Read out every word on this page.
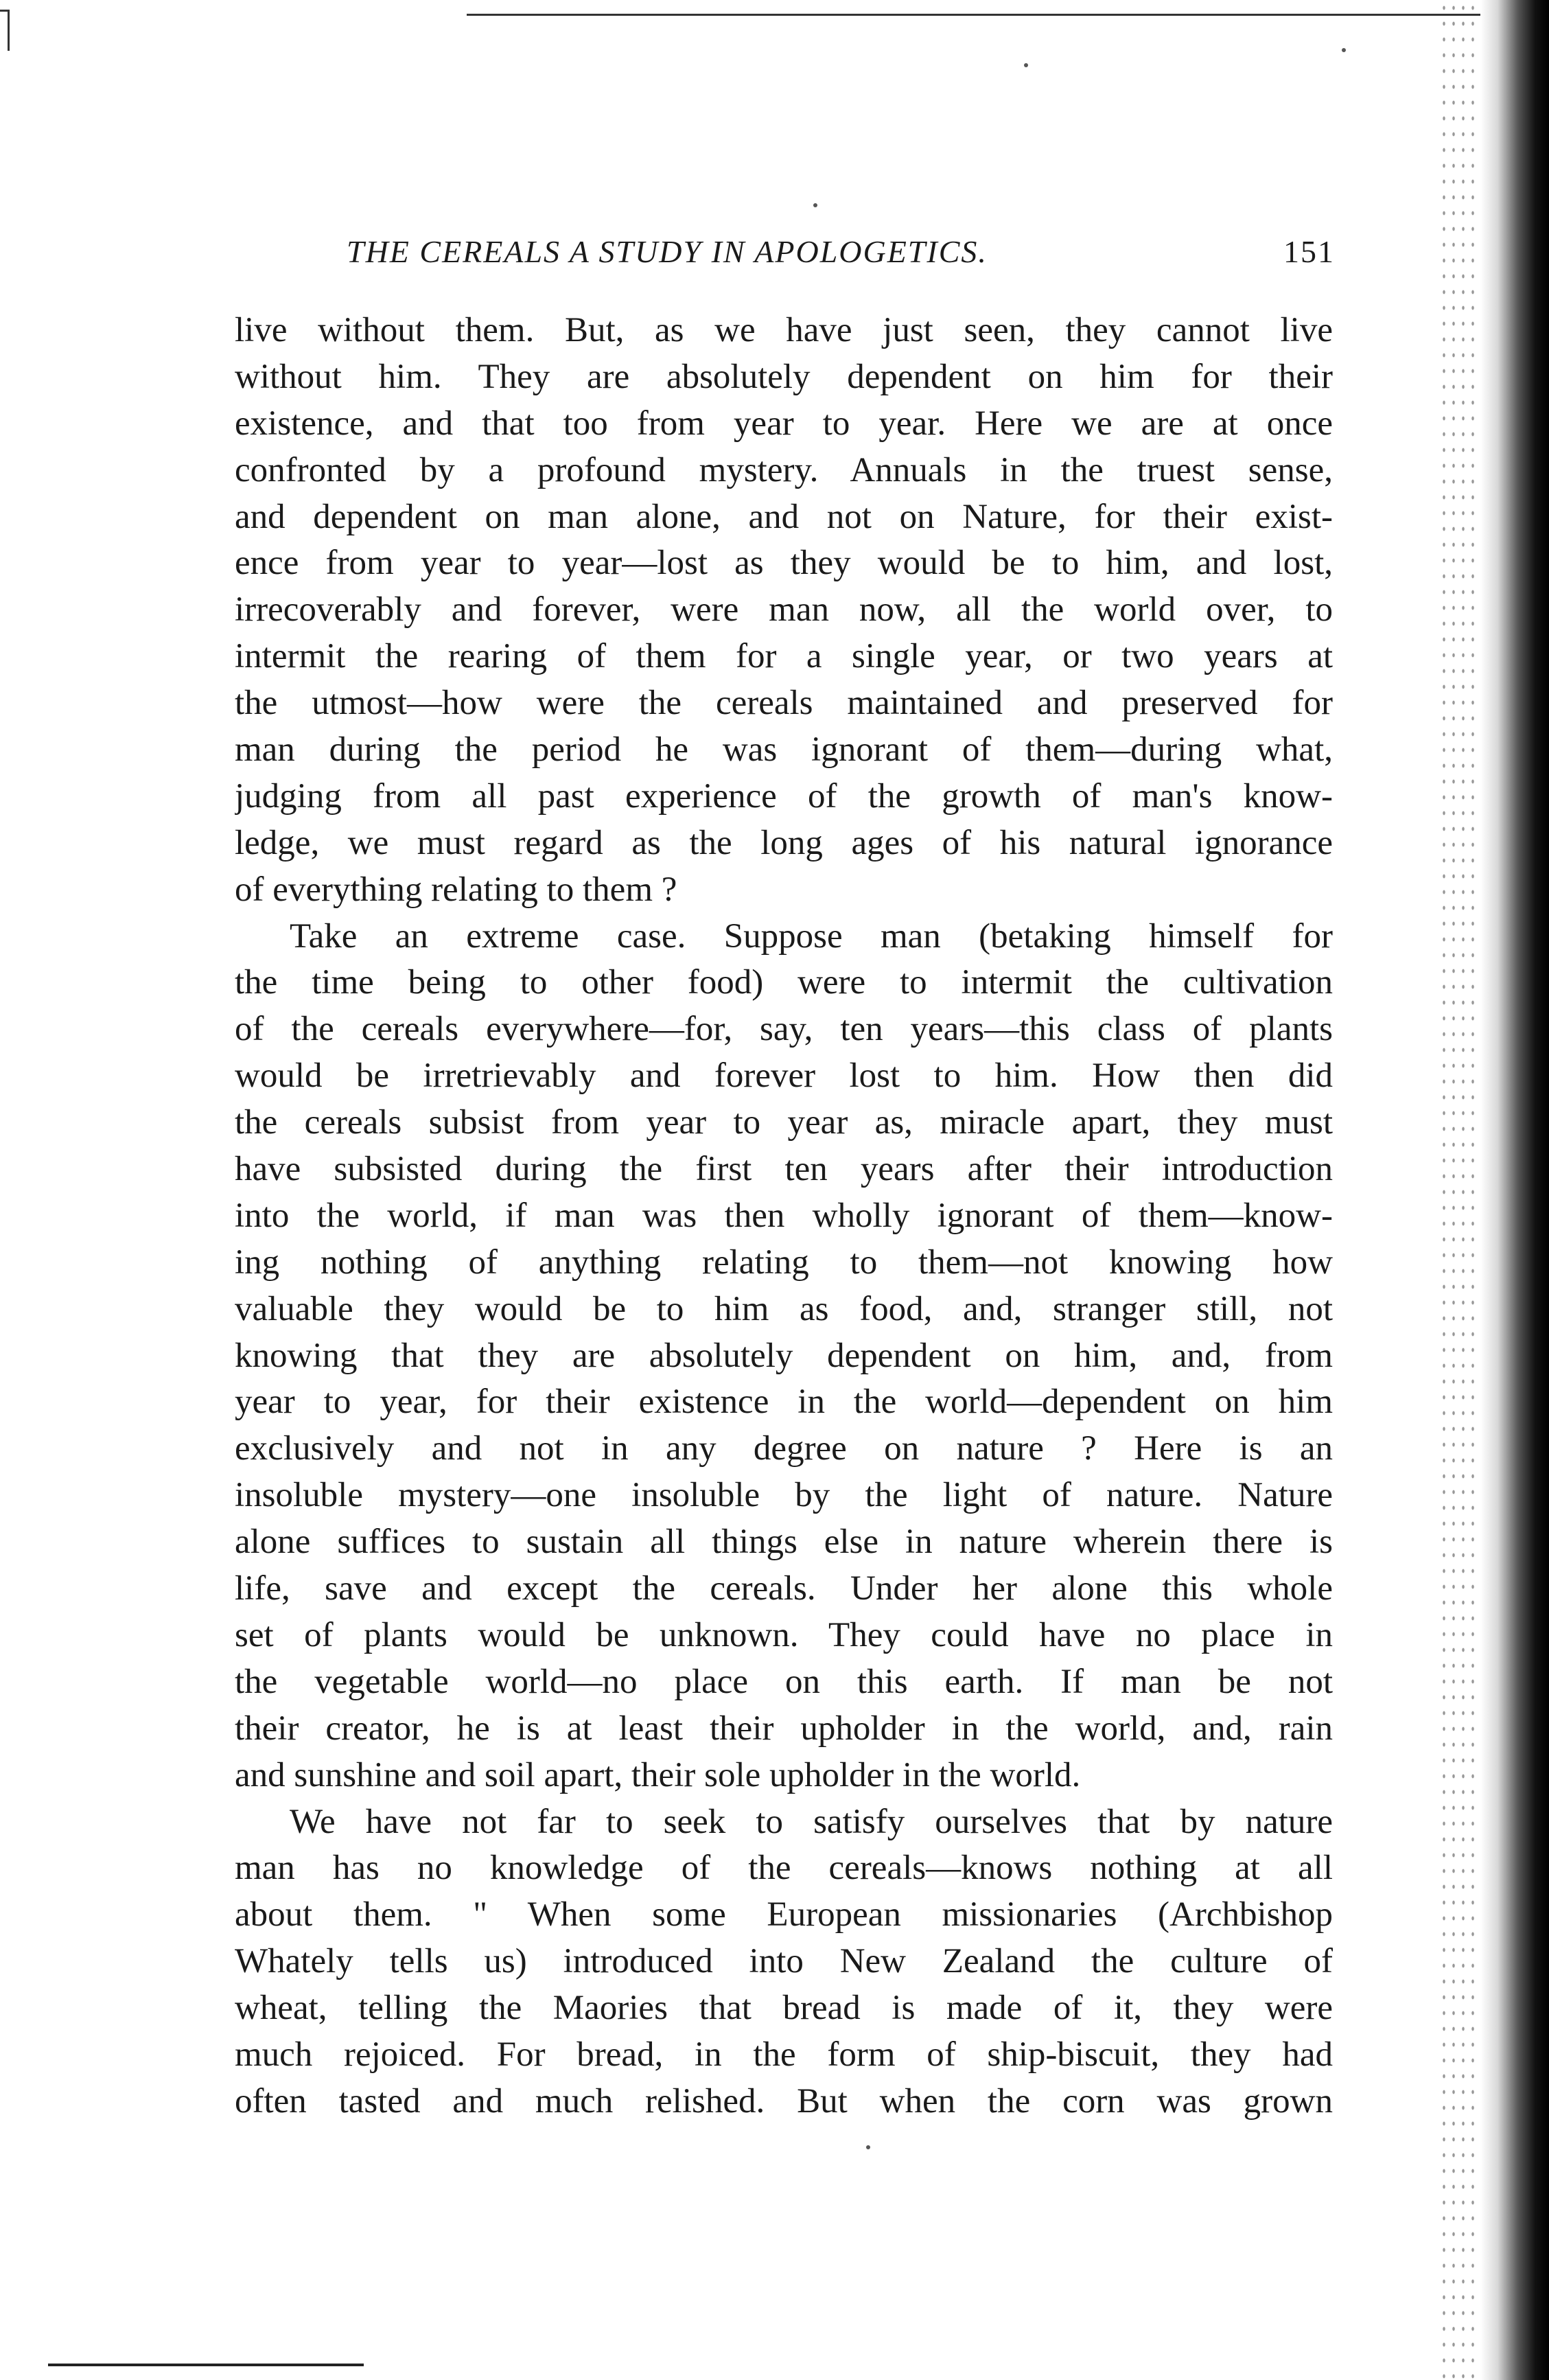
THE CEREALS A STUDY IN APOLOGETICS.	151
live without them. But, as we have just seen, they cannot live
without him. They are absolutely dependent on him for their
existence, and that too from year to year. Here we are at once
confronted by a profound mystery. Annuals in the truest sense,
and dependent on man alone, and not on Nature, for their exist-
ence from year to year—lost as they would be to him, and lost,
irrecoverably and forever, were man now, all the world over, to
intermit the rearing of them for a single year, or two years at
the utmost—how were the cereals maintained and preserved for
man during the period he was ignorant of them—during what,
judging from all past experience of the growth of man's know-
ledge, we must regard as the long ages of his natural ignorance
of everything relating to them ?
Take an extreme case. Suppose man (betaking himself for
the time being to other food) were to intermit the cultivation
of the cereals everywhere—for, say, ten years—this class of plants
would be irretrievably and forever lost to him. How then did
the cereals subsist from year to year as, miracle apart, they must
have subsisted during the first ten years after their introduction
into the world, if man was then wholly ignorant of them—know-
ing nothing of anything relating to them—not knowing how
valuable they would be to him as food, and, stranger still, not
knowing that they are absolutely dependent on him, and, from
year to year, for their existence in the world—dependent on him
exclusively and not in any degree on nature ? Here is an
insoluble mystery—one insoluble by the light of nature. Nature
alone suffices to sustain all things else in nature wherein there is
life, save and except the cereals. Under her alone this whole
set of plants would be unknown. They could have no place in
the vegetable world—no place on this earth. If man be not
their creator, he is at least their upholder in the world, and, rain
and sunshine and soil apart, their sole upholder in the world.
We have not far to seek to satisfy ourselves that by nature
man has no knowledge of the cereals—knows nothing at all
about them. " When some European missionaries (Archbishop
Whately tells us) introduced into New Zealand the culture of
wheat, telling the Maories that bread is made of it, they were
much rejoiced. For bread, in the form of ship-biscuit, they had
often tasted and much relished. But when the corn was grown
